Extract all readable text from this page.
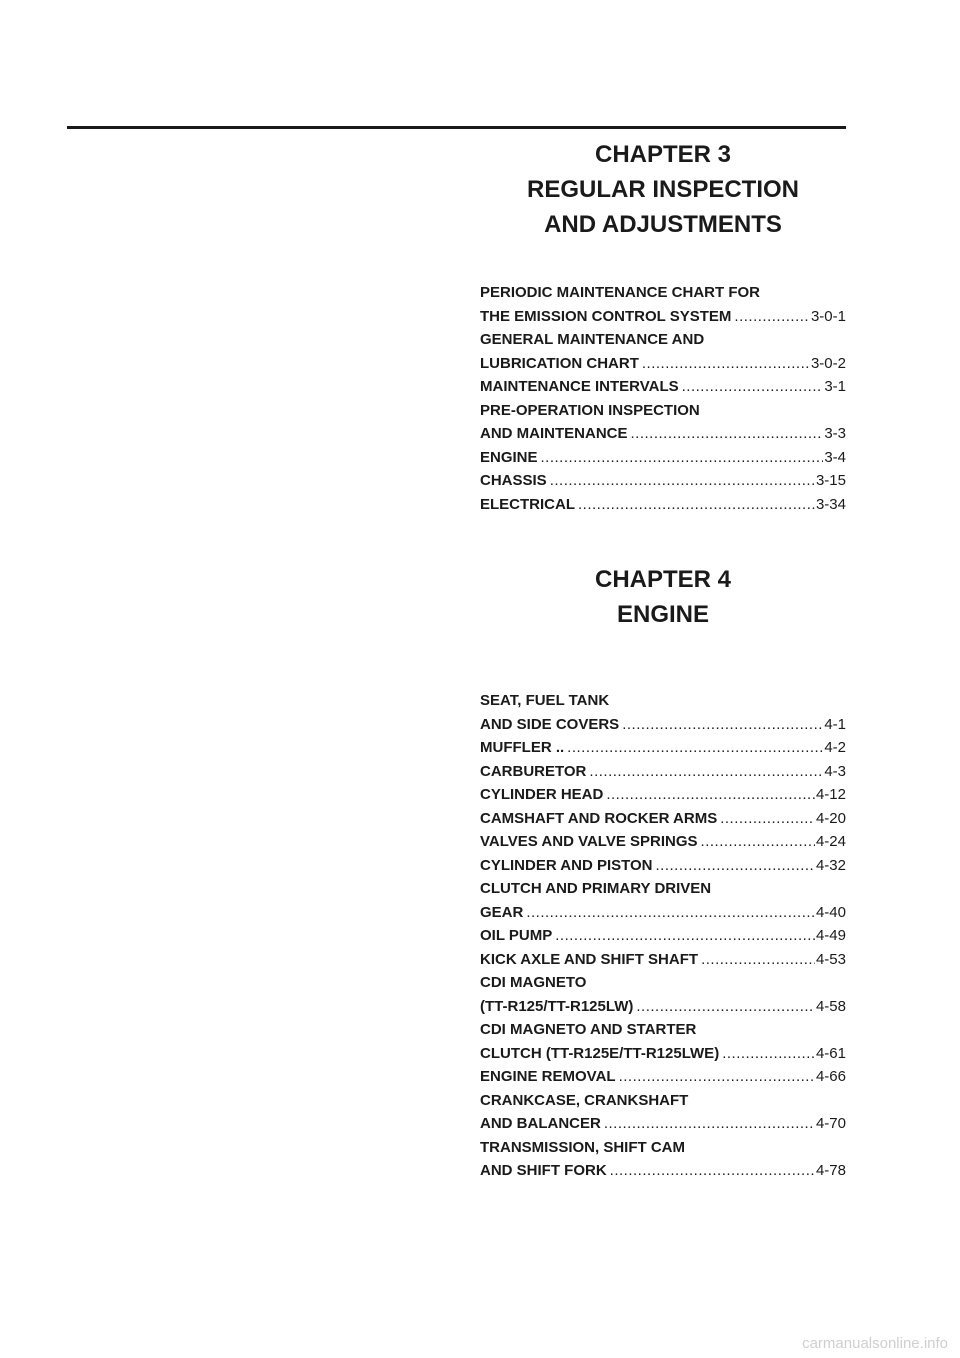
CHAPTER 3
REGULAR INSPECTION
AND ADJUSTMENTS
PERIODIC MAINTENANCE CHART FOR
THE EMISSION CONTROL SYSTEM .....	3-0-1
GENERAL MAINTENANCE AND
LUBRICATION CHART .....	3-0-2
MAINTENANCE INTERVALS .....	3-1
PRE-OPERATION INSPECTION
AND MAINTENANCE .....	3-3
ENGINE .....	3-4
CHASSIS .....	3-15
ELECTRICAL .....	3-34
CHAPTER 4
ENGINE
SEAT, FUEL TANK
AND SIDE COVERS .....	4-1
MUFFLER .. .....	4-2
CARBURETOR .....	4-3
CYLINDER HEAD .....	4-12
CAMSHAFT AND ROCKER ARMS .....	4-20
VALVES AND VALVE SPRINGS .....	4-24
CYLINDER AND PISTON .....	4-32
CLUTCH AND PRIMARY DRIVEN
GEAR .....	4-40
OIL PUMP .....	4-49
KICK AXLE AND SHIFT SHAFT .....	4-53
CDI MAGNETO
(TT-R125/TT-R125LW) .....	4-58
CDI MAGNETO AND STARTER
CLUTCH (TT-R125E/TT-R125LWE) .....	4-61
ENGINE REMOVAL .....	4-66
CRANKCASE, CRANKSHAFT
AND BALANCER .....	4-70
TRANSMISSION, SHIFT CAM
AND SHIFT FORK .....	4-78
carmanualsonline.info
